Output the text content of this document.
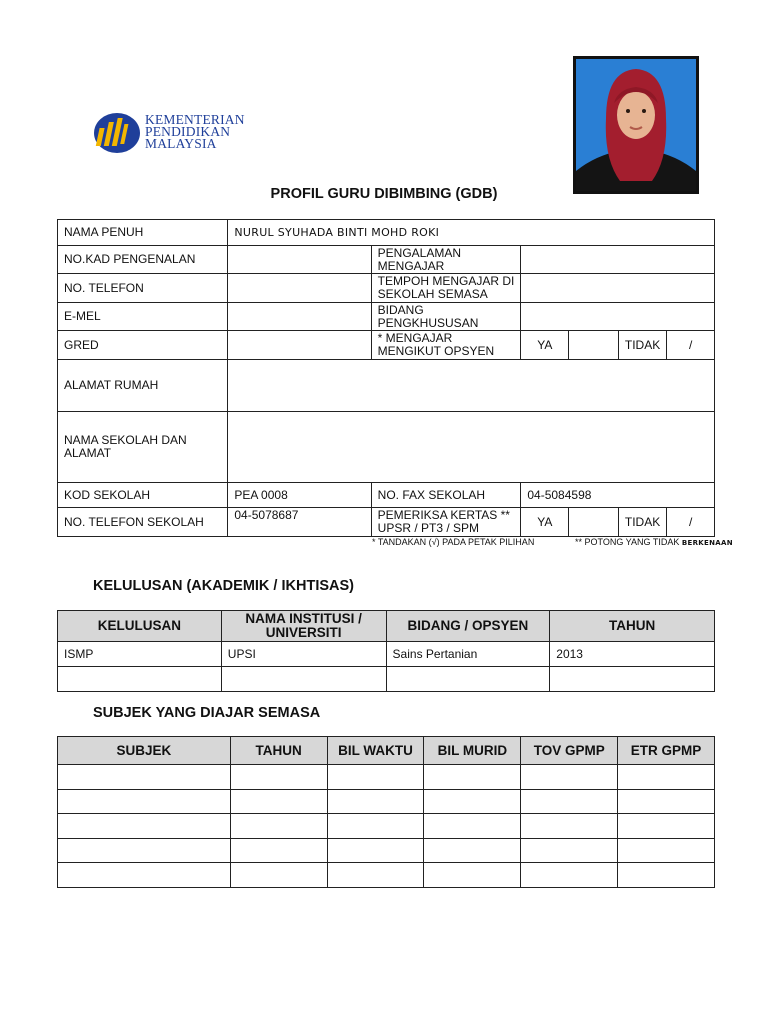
KEMENTERIAN
PENDIDIKAN
MALAYSIA
PROFIL GURU DIBIMBING (GDB)
NAMA PENUH	NURUL SYUHADA BINTI MOHD ROKI					
NO.KAD PENGENALAN		PENGALAMAN MENGAJAR				
NO. TELEFON		TEMPOH MENGAJAR DI SEKOLAH SEMASA				
E-MEL		BIDANG PENGKHUSUSAN				
GRED		* MENGAJAR MENGIKUT OPSYEN	YA		TIDAK	/
ALAMAT RUMAH						
NAMA SEKOLAH DAN ALAMAT						
KOD SEKOLAH	PEA 0008	NO. FAX SEKOLAH	04-5084598			
NO. TELEFON SEKOLAH	04-5078687	PEMERIKSA KERTAS ** UPSR / PT3 / SPM	YA		TIDAK	/
* TANDAKAN (√) PADA PETAK PILIHAN	** POTONG YANG TIDAK BERKENAAN
KELULUSAN (AKADEMIK / IKHTISAS)
KELULUSAN	NAMA INSTITUSI / UNIVERSITI	BIDANG / OPSYEN	TAHUN
ISMP	UPSI	Sains Pertanian	2013

SUBJEK YANG DIAJAR SEMASA
SUBJEK	TAHUN	BIL WAKTU	BIL MURID	TOV GPMP	ETR GPMP
